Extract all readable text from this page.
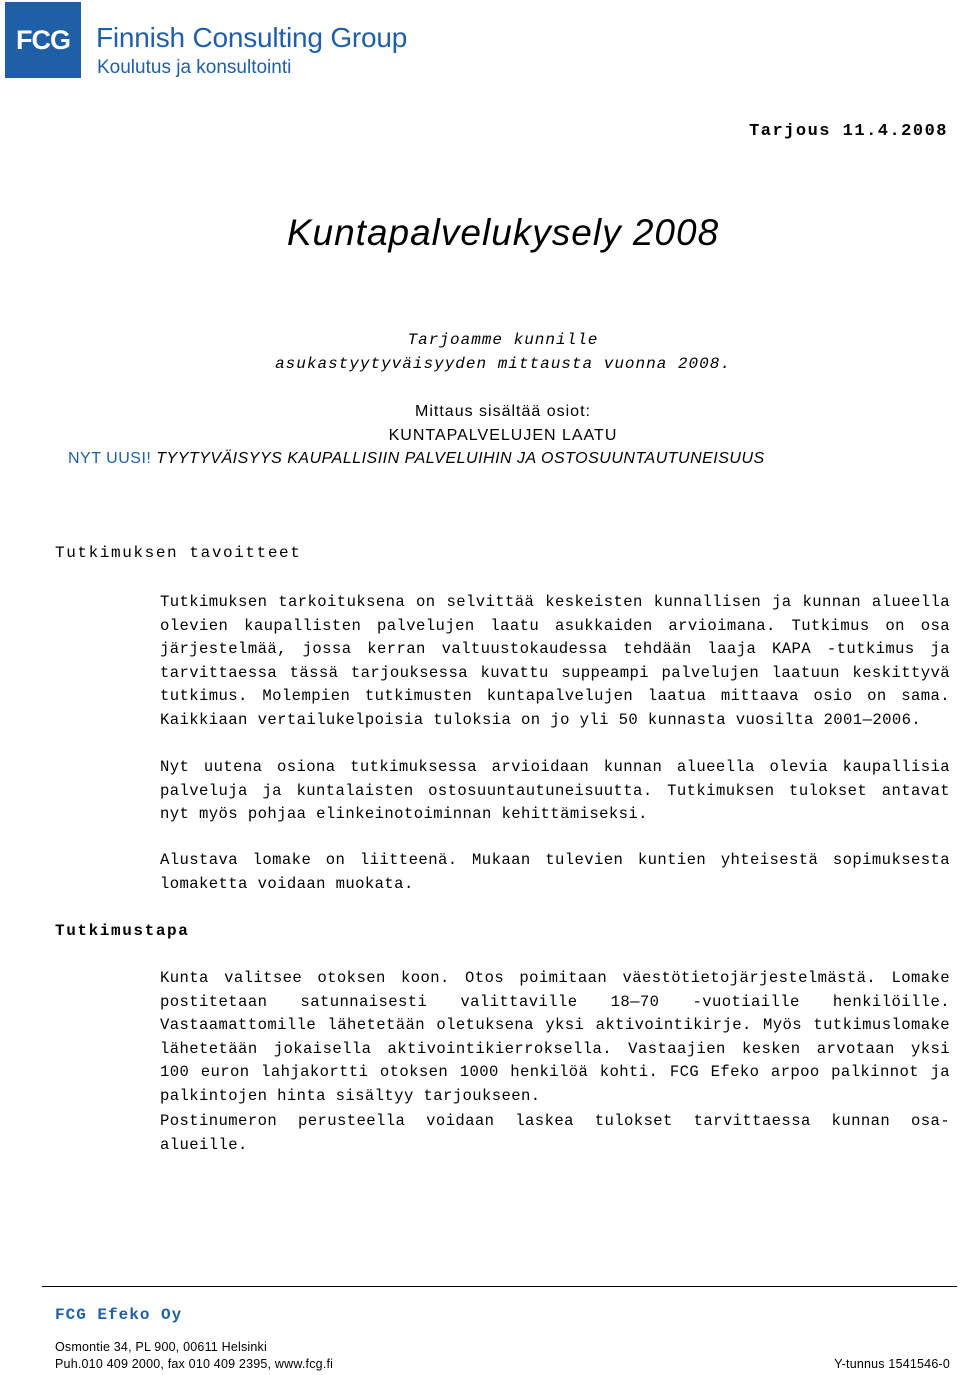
FCG Finnish Consulting Group
Koulutus ja konsultointi
Tarjous 11.4.2008
Kuntapalvelukysely 2008
Tarjoamme kunnille
asukastyytyväisyyden mittausta vuonna 2008.
Mittaus sisältää osiot:
KUNTAPALVELUJEN LAATU
NYT UUSI! TYYTYVÄISYYS KAUPALLISIIN PALVELUIHIN JA OSTOSUUNTAUTUNEISUUS
Tutkimuksen tavoitteet
Tutkimustapa
Tutkimuksen tarkoituksena on selvittää keskeisten kunnallisen ja kunnan alueella olevien kaupallisten palvelujen laatu asukkaiden arvioimana. Tutkimus on osa järjestelmää, jossa kerran valtuustokaudessa tehdään laaja KAPA -tutkimus ja tarvittaessa tässä tarjouksessa kuvattu suppeampi palvelujen laatuun keskittyvä tutkimus. Molempien tutkimusten kuntapalvelujen laatua mittaava osio on sama. Kaikkiaan vertailukelpoisia tuloksia on jo yli 50 kunnasta vuosilta 2001—2006.
Nyt uutena osiona tutkimuksessa arvioidaan kunnan alueella olevia kaupallisia palveluja ja kuntalaisten ostosuuntautuneisuutta. Tutkimuksen tulokset antavat nyt myös pohjaa elinkeinotoiminnan kehittämiseksi.
Alustava lomake on liitteenä. Mukaan tulevien kuntien yhteisestä sopimuksesta lomaketta voidaan muokata.
Kunta valitsee otoksen koon. Otos poimitaan väestötietojärjestelmästä. Lomake postitetaan satunnaisesti valittaville 18—70 -vuotiaille henkilöille. Vastaamattomille lähetetään oletuksena yksi aktivointikirje. Myös tutkimuslomake lähetetään jokaisella aktivointikierroksella. Vastaajien kesken arvotaan yksi 100 euron lahjakortti otoksen 1000 henkilöä kohti. FCG Efeko arpoo palkinnot ja palkintojen hinta sisältyy tarjoukseen.
Postinumeron perusteella voidaan laskea tulokset tarvittaessa kunnan osa-alueille.
FCG Efeko Oy
Osmontie 34, PL 900, 00611 Helsinki
Puh.010 409 2000, fax 010 409 2395, www.fcg.fi	Y-tunnus 1541546-0
